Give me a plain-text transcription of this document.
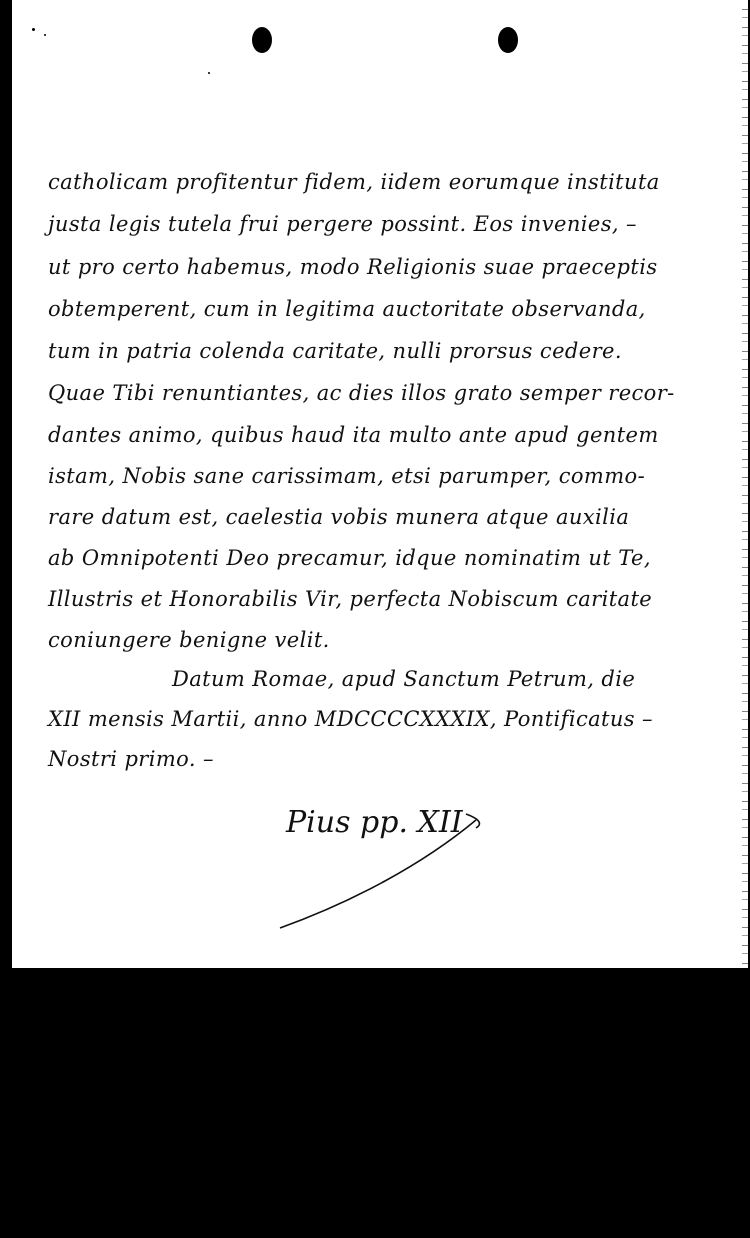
catholicam profitentur fidem, iidem eorumque instituta

justa legis tutela frui pergere possint. Eos invenies, –

ut pro certo habemus, modo Religionis suae praeceptis

obtemperent, cum in legitima auctoritate observanda,

tum in patria colenda caritate, nulli prorsus cedere.

Quae Tibi renuntiantes, ac dies illos grato semper recor-

dantes animo, quibus haud ita multo ante apud gentem

istam, Nobis sane carissimam, etsi parumper, commo-

rare datum est, caelestia vobis munera atque auxilia

ab Omnipotenti Deo precamur, idque nominatim ut Te,

Illustris et Honorabilis Vir, perfecta Nobiscum caritate

coniungere benigne velit.

Datum Romae, apud Sanctum Petrum, die

XII mensis Martii, anno MDCCCCXXXIX, Pontificatus –

Nostri primo. –

Pius pp. XII
